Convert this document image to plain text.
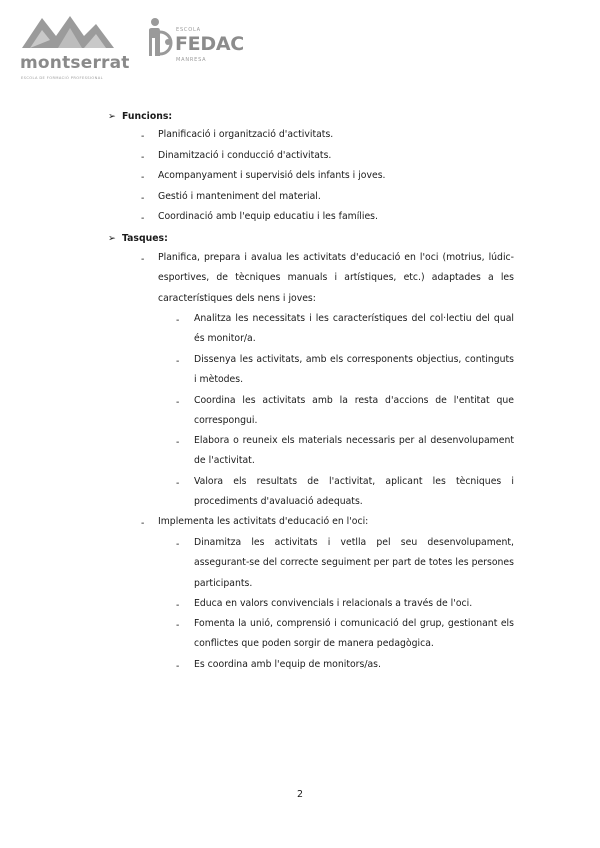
montserrat
ESCOLA DE FORMACIÓ PROFESSIONAL
ESCOLA
FEDAC
MANRESA
➢ Funcions:
- Planificació i organització d'activitats.
- Dinamització i conducció d'activitats.
- Acompanyament i supervisió dels infants i joves.
- Gestió i manteniment del material.
- Coordinació amb l'equip educatiu i les famílies.
➢ Tasques:
- Planifica, prepara i avalua les activitats d'educació en l'oci (motrius, lúdic-esportives, de tècniques manuals i artístiques, etc.) adaptades a les característiques dels nens i joves:
- Analitza les necessitats i les característiques del col·lectiu del qual és monitor/a.
- Dissenya les activitats, amb els corresponents objectius, continguts i mètodes.
- Coordina les activitats amb la resta d'accions de l'entitat que correspongui.
- Elabora o reuneix els materials necessaris per al desenvolupament de l'activitat.
- Valora els resultats de l'activitat, aplicant les tècniques i procediments d'avaluació adequats.
- Implementa les activitats d'educació en l'oci:
- Dinamitza les activitats i vetlla pel seu desenvolupament, assegurant-se del correcte seguiment per part de totes les persones participants.
- Educa en valors convivencials i relacionals a través de l'oci.
- Fomenta la unió, comprensió i comunicació del grup, gestionant els conflictes que poden sorgir de manera pedagògica.
- Es coordina amb l'equip de monitors/as.
2
